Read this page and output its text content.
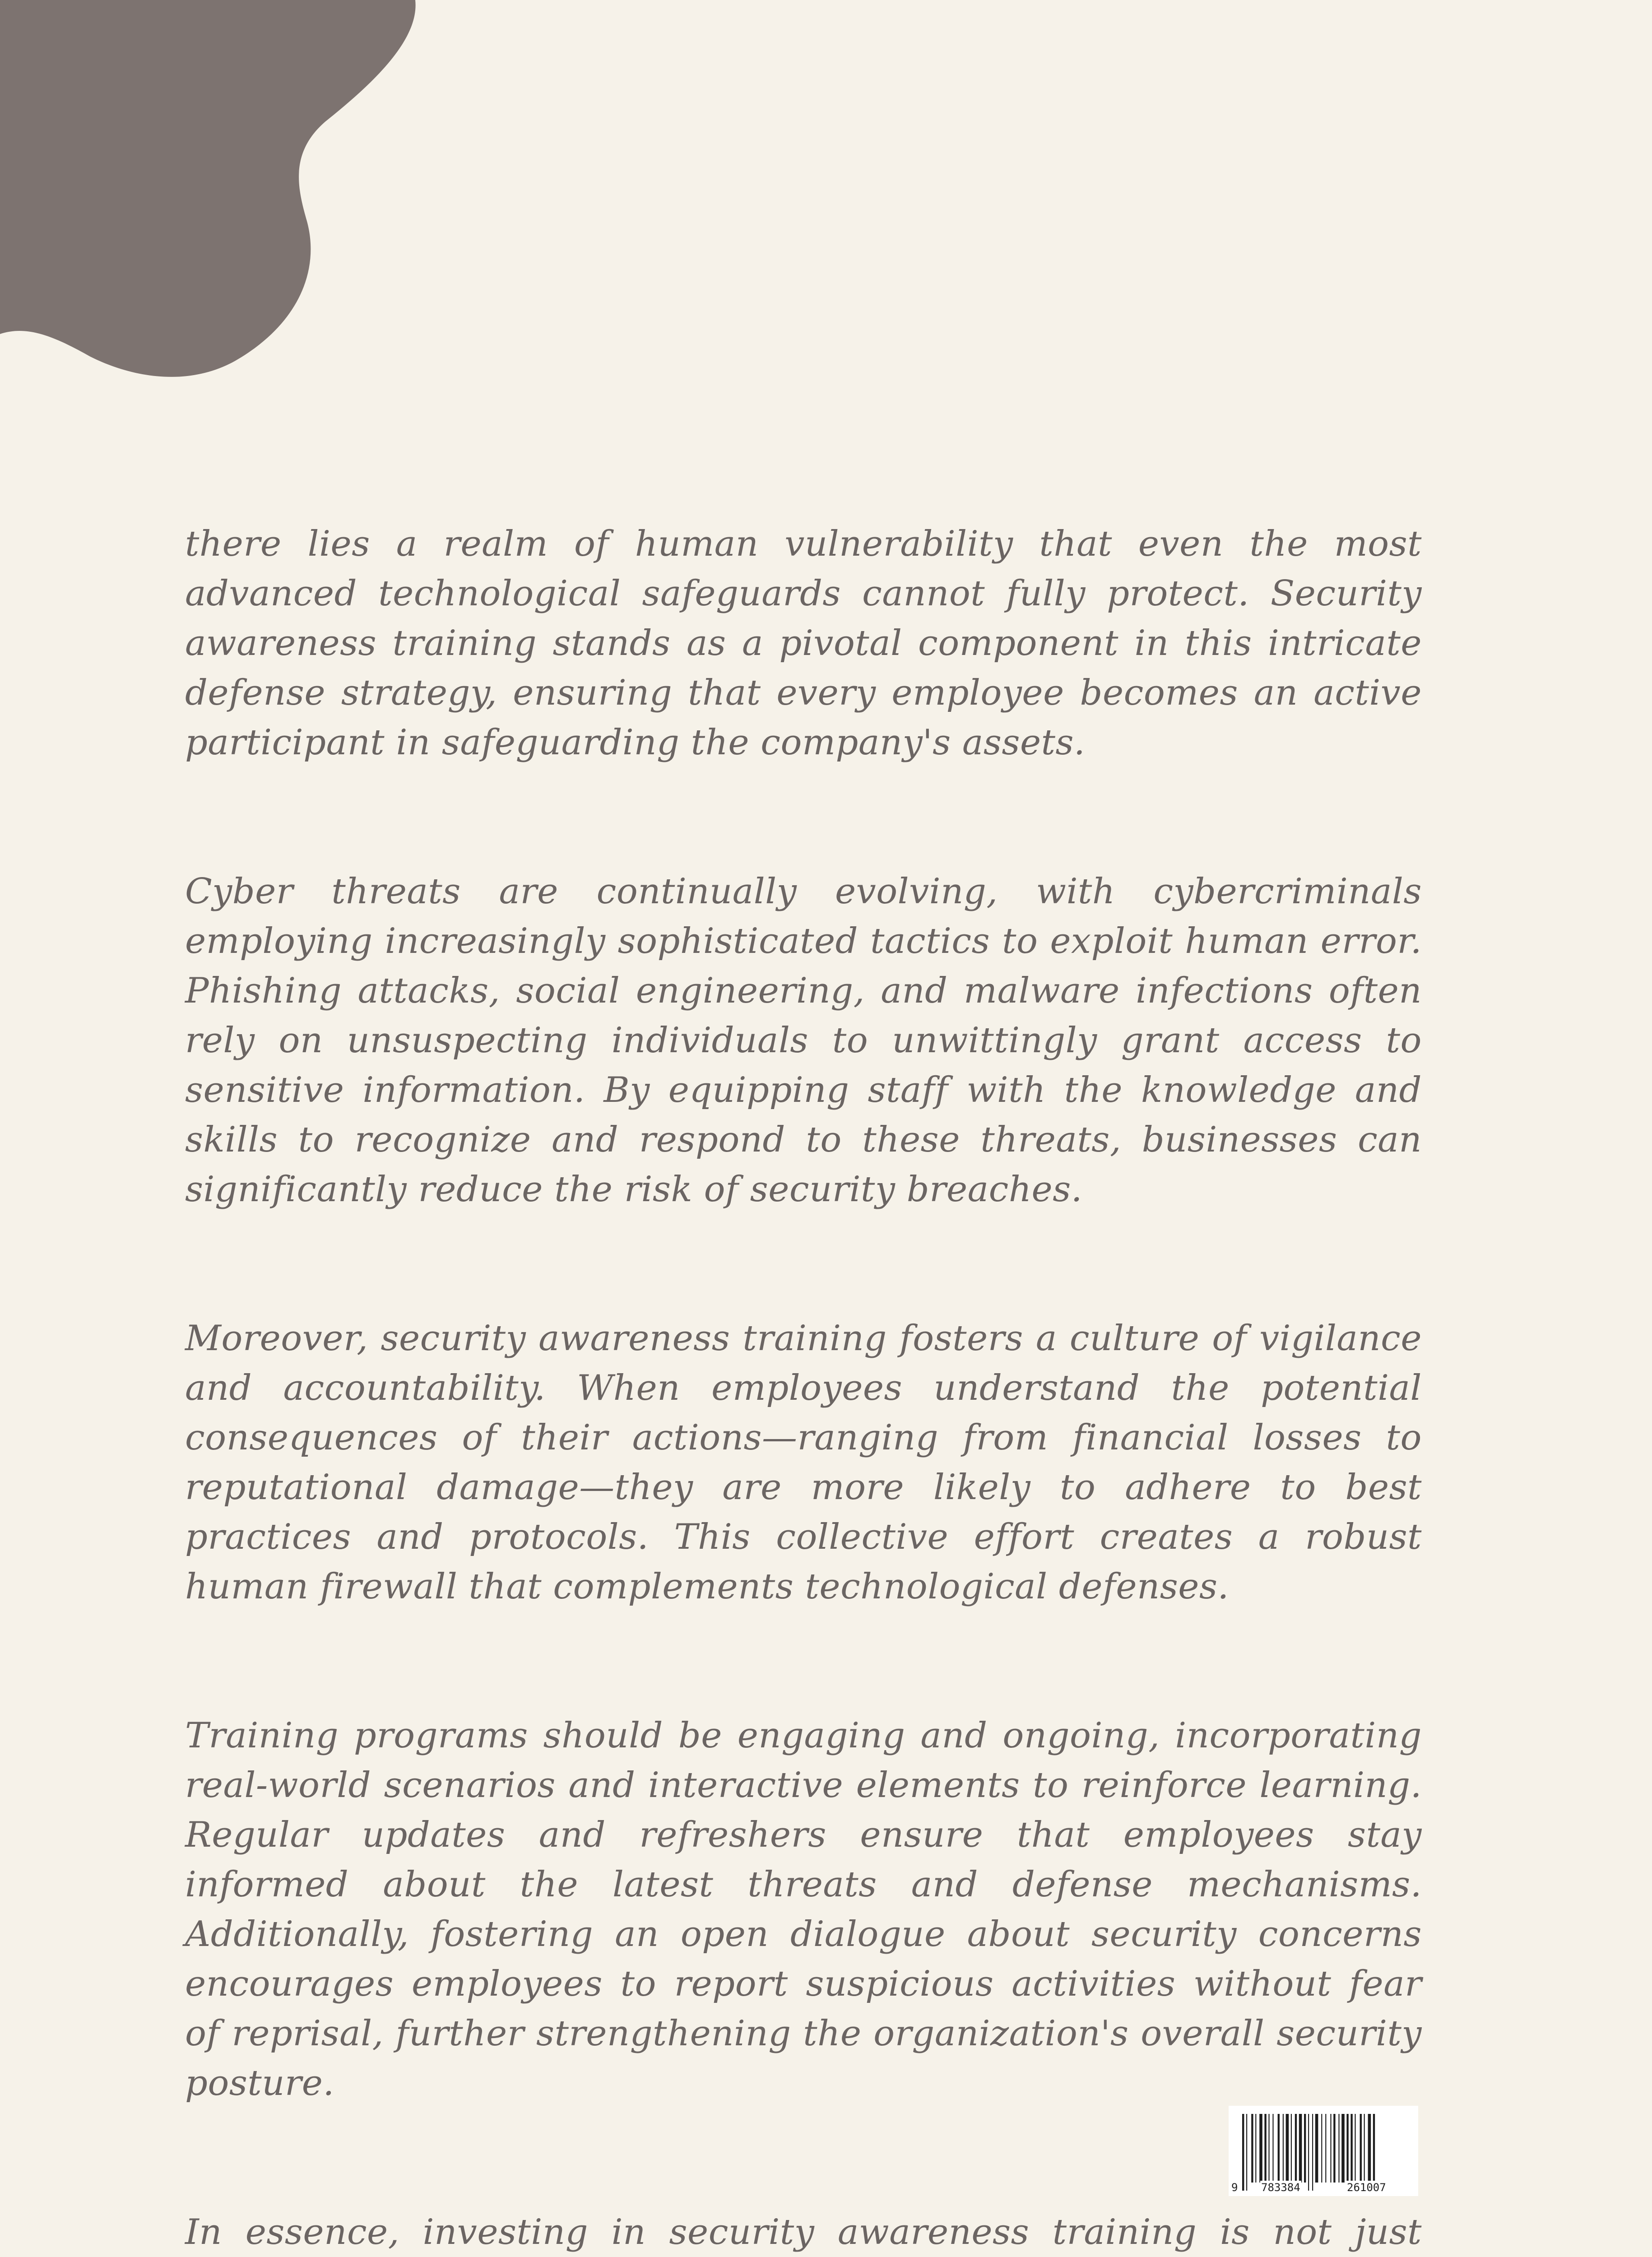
there lies a realm of human vulnerability that even the most advanced technological safeguards cannot fully protect. Security awareness training stands as a pivotal component in this intricate defense strategy, ensuring that every employee becomes an active participant in safeguarding the company's assets.

Cyber threats are continually evolving, with cybercriminals employing increasingly sophisticated tactics to exploit human error. Phishing attacks, social engineering, and malware infections often rely on unsuspecting individuals to unwittingly grant access to sensitive information. By equipping staff with the knowledge and skills to recognize and respond to these threats, businesses can significantly reduce the risk of security breaches.

Moreover, security awareness training fosters a culture of vigilance and accountability. When employees understand the potential consequences of their actions—ranging from financial losses to reputational damage—they are more likely to adhere to best practices and protocols. This collective effort creates a robust human firewall that complements technological defenses.

Training programs should be engaging and ongoing, incorporating real-world scenarios and interactive elements to reinforce learning. Regular updates and refreshers ensure that employees stay informed about the latest threats and defense mechanisms. Additionally, fostering an open dialogue about security concerns encourages employees to report suspicious activities without fear of reprisal, further strengthening the organization's overall security posture.

In essence, investing in security awareness training is not just

9 783384	261007
